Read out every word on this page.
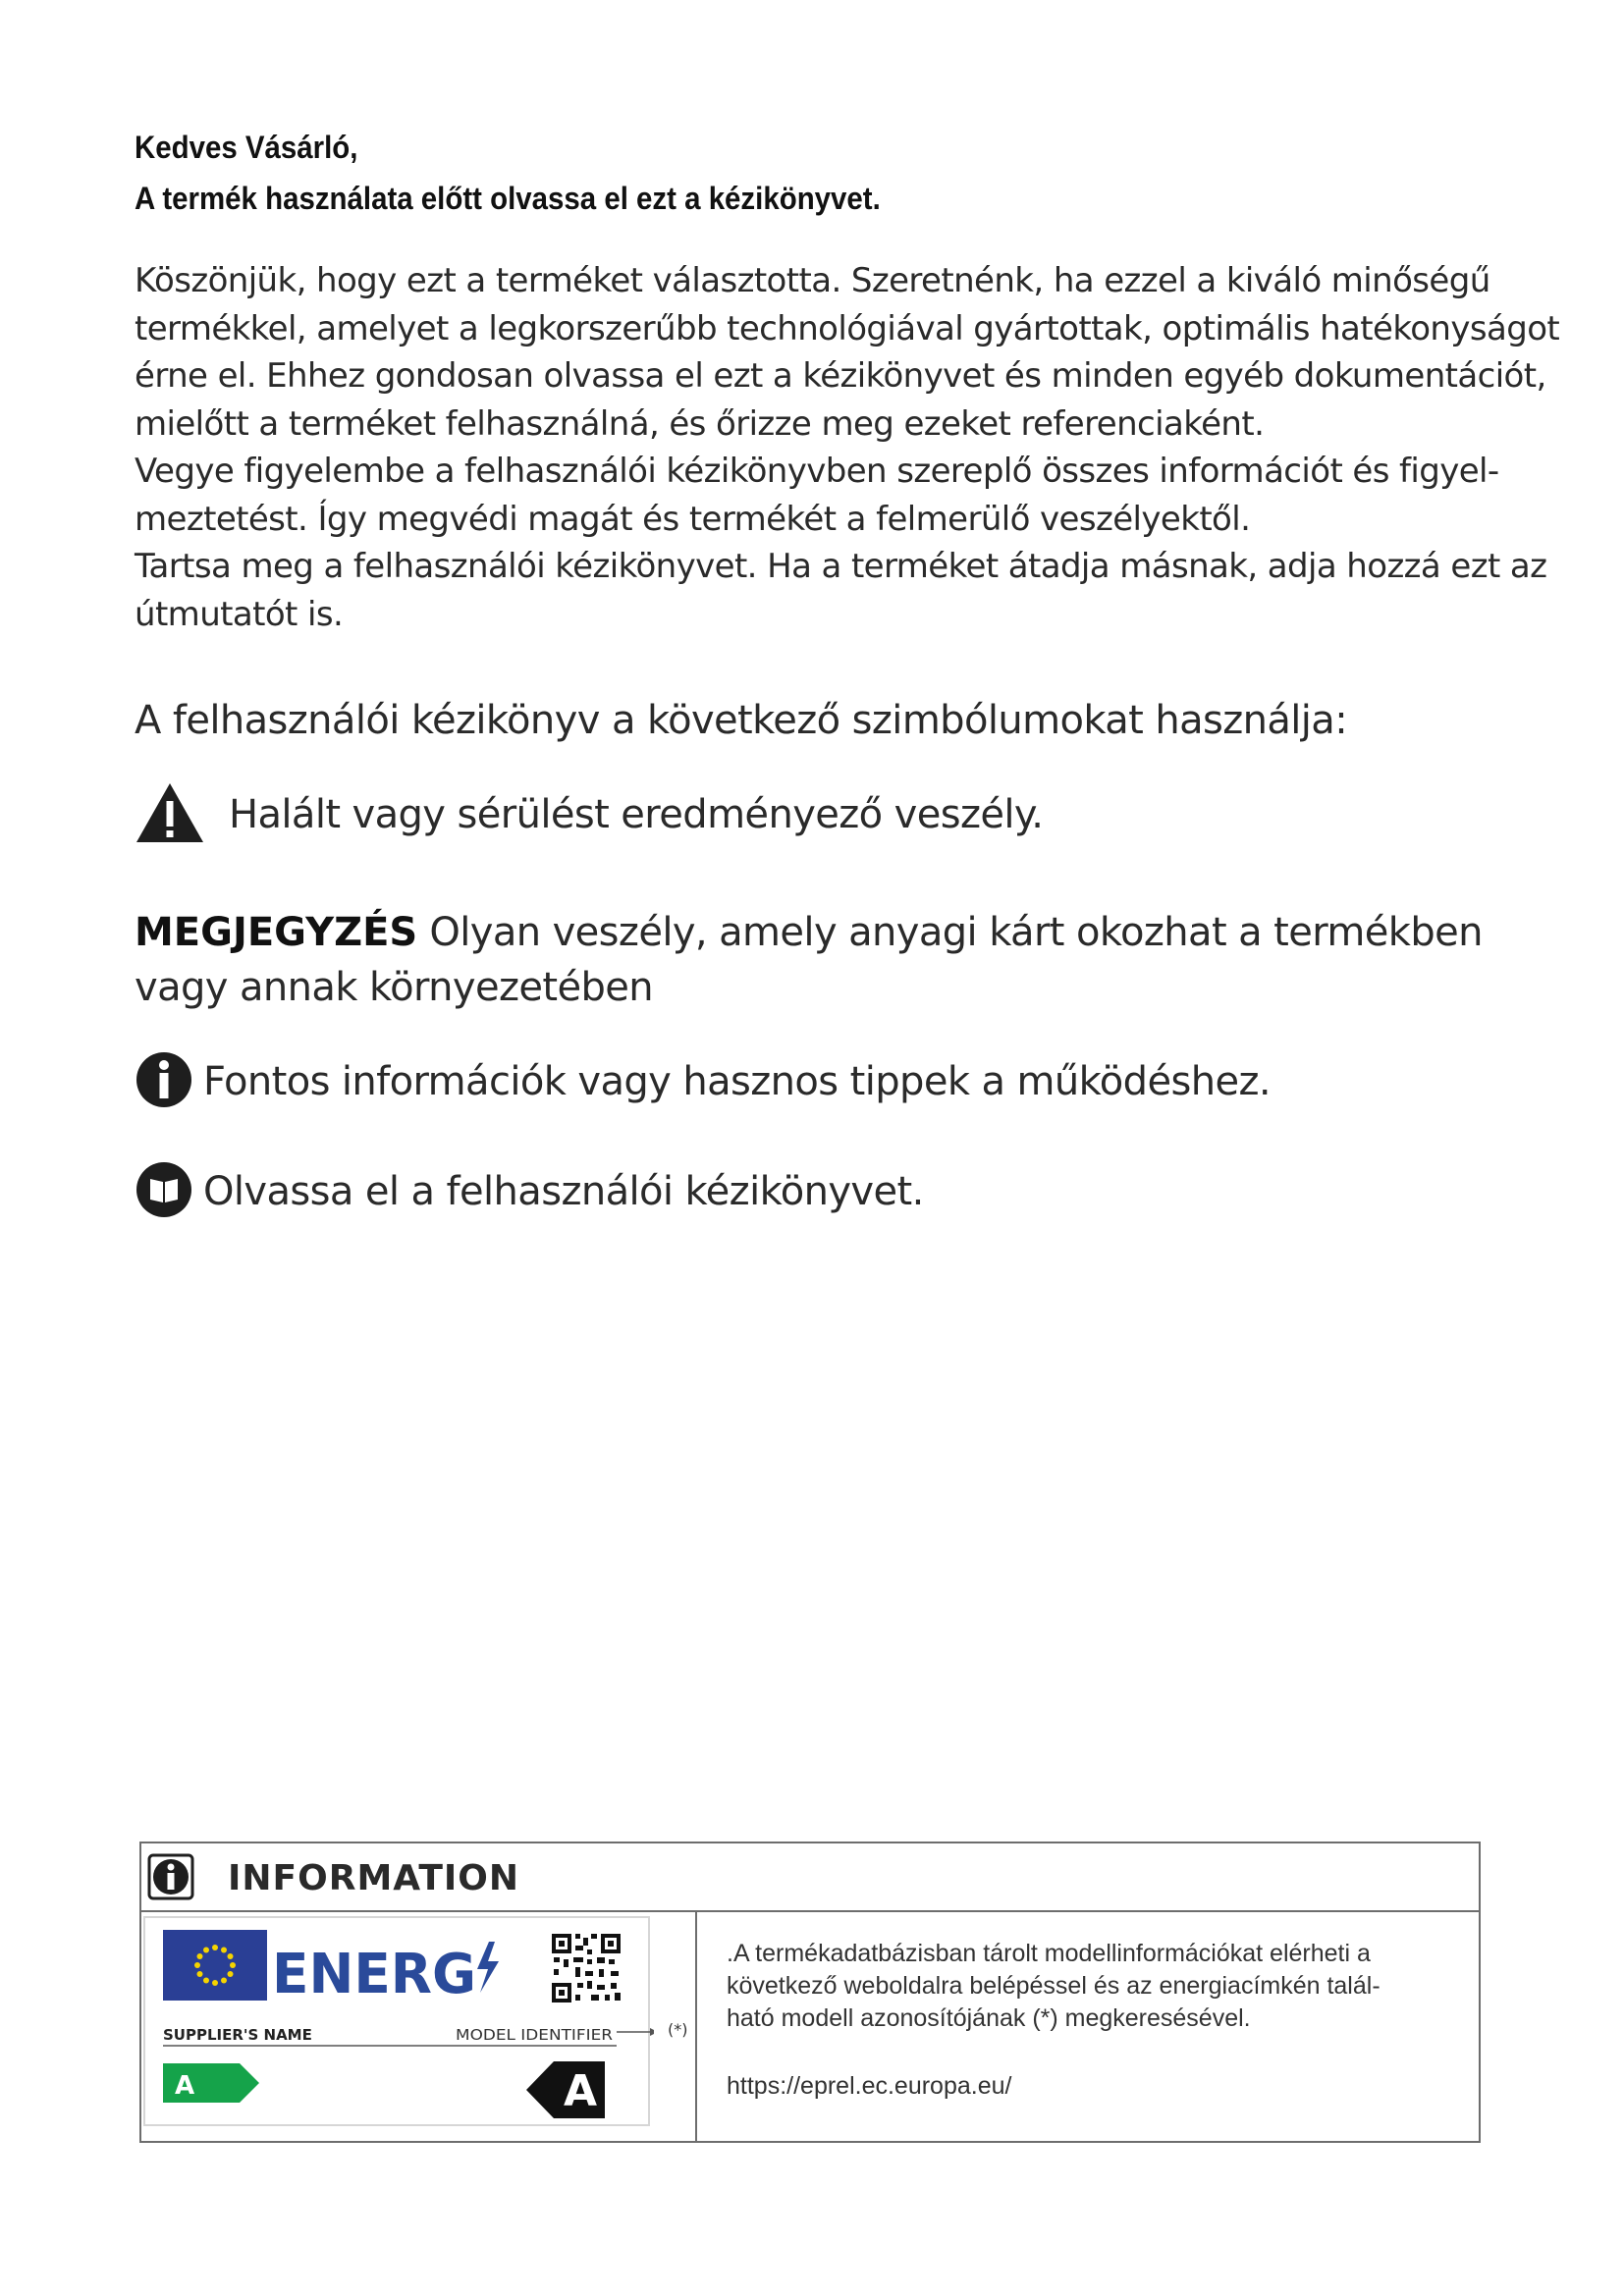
Kedves Vásárló,
A termék használata előtt olvassa el ezt a kézikönyvet.
Köszönjük, hogy ezt a terméket választotta. Szeretnénk, ha ezzel a kiváló minőségű
termékkel, amelyet a legkorszerűbb technológiával gyártottak, optimális hatékonyságot
érne el. Ehhez gondosan olvassa el ezt a kézikönyvet és minden egyéb dokumentációt,
mielőtt a terméket felhasználná, és őrizze meg ezeket referenciaként.
Vegye figyelembe a felhasználói kézikönyvben szereplő összes információt és figyel-
meztetést. Így megvédi magát és termékét a felmerülő veszélyektől.
Tartsa meg a felhasználói kézikönyvet. Ha a terméket átadja másnak, adja hozzá ezt az
útmutatót is.
A felhasználói kézikönyv a következő szimbólumokat használja:
Halált vagy sérülést eredményező veszély.
MEGJEGYZÉS Olyan veszély, amely anyagi kárt okozhat a termékben vagy annak környezetében
Fontos információk vagy hasznos tippek a működéshez.
Olvassa el a felhasználói kézikönyvet.
INFORMATION
ENERG
SUPPLIER'S NAME	MODEL IDENTIFIER
A	A
(*)
.A termékadatbázisban tárolt modellinformációkat elérheti a
következő weboldalra belépéssel és az energiacímkén talál-
ható modell azonosítójának (*) megkeresésével.
https://eprel.ec.europa.eu/
